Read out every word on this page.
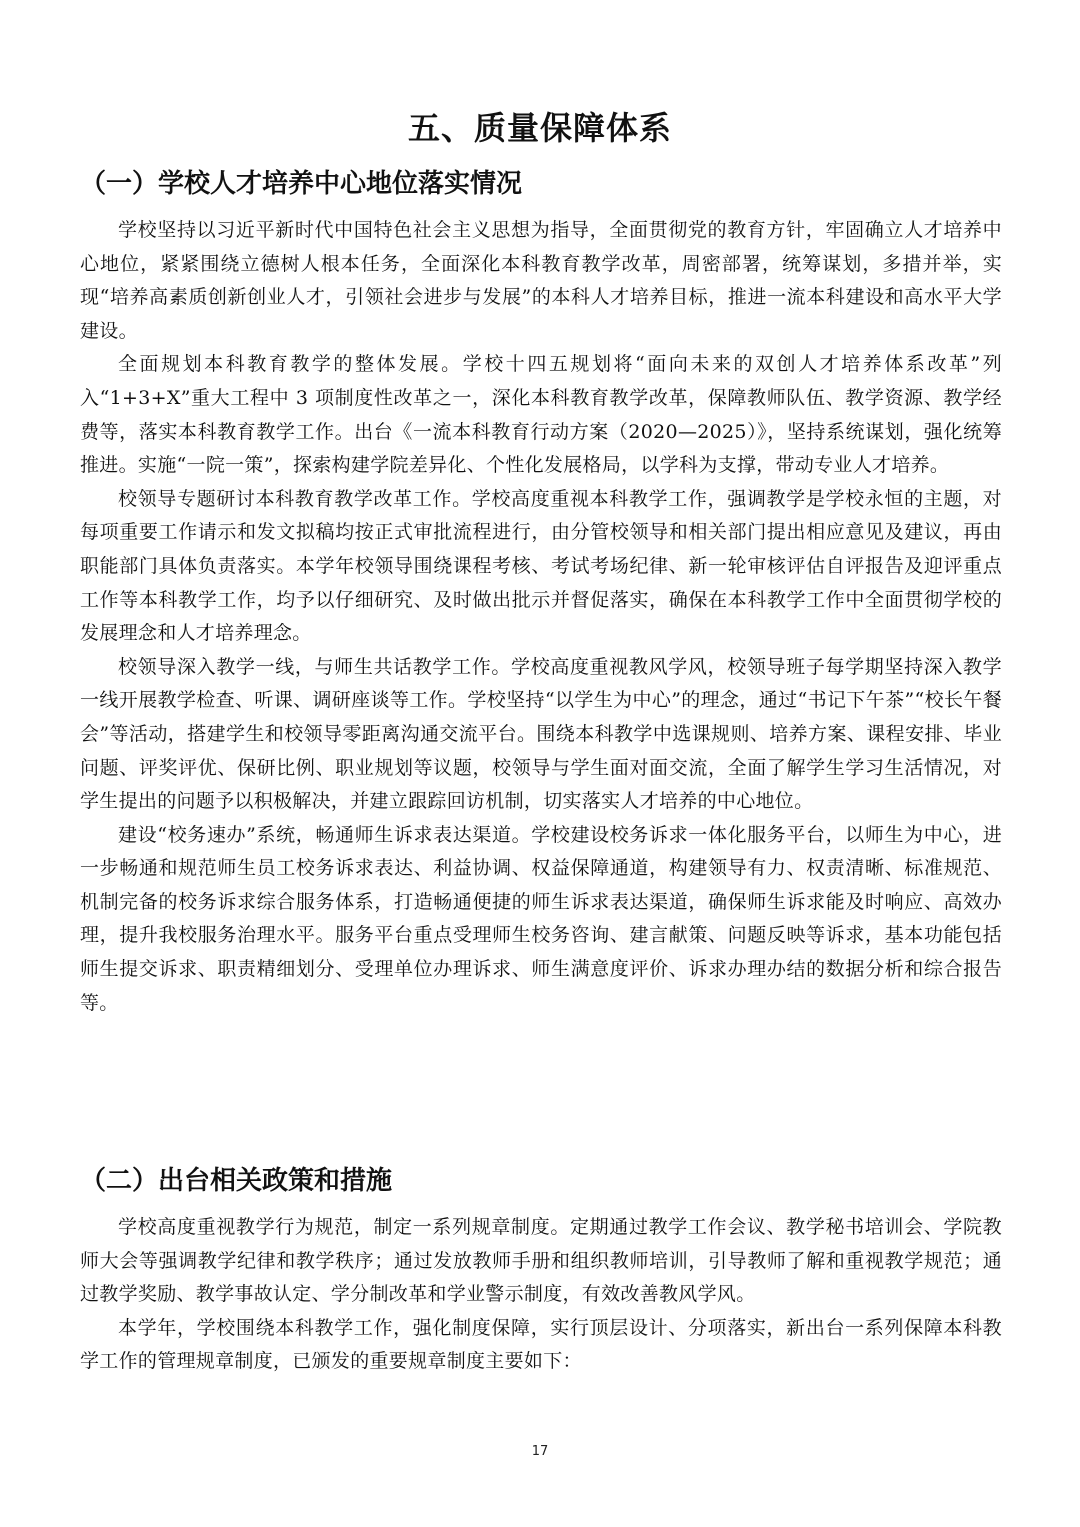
五、质量保障体系
（一）学校人才培养中心地位落实情况

学校坚持以习近平新时代中国特色社会主义思想为指导，全面贯彻党的教育方针，牢固确立人才培养中心地位，紧紧围绕立德树人根本任务，全面深化本科教育教学改革，周密部署，统筹谋划，多措并举，实现“培养高素质创新创业人才，引领社会进步与发展”的本科人才培养目标，推进一流本科建设和高水平大学建设。

全面规划本科教育教学的整体发展。学校十四五规划将“面向未来的双创人才培养体系改革”列入“1+3+X”重大工程中 3 项制度性改革之一，深化本科教育教学改革，保障教师队伍、教学资源、教学经费等，落实本科教育教学工作。出台《一流本科教育行动方案（2020—2025）》，坚持系统谋划，强化统筹推进。实施“一院一策”，探索构建学院差异化、个性化发展格局，以学科为支撑，带动专业人才培养。

校领导专题研讨本科教育教学改革工作。学校高度重视本科教学工作，强调教学是学校永恒的主题，对每项重要工作请示和发文拟稿均按正式审批流程进行，由分管校领导和相关部门提出相应意见及建议，再由职能部门具体负责落实。本学年校领导围绕课程考核、考试考场纪律、新一轮审核评估自评报告及迎评重点工作等本科教学工作，均予以仔细研究、及时做出批示并督促落实，确保在本科教学工作中全面贯彻学校的发展理念和人才培养理念。

校领导深入教学一线，与师生共话教学工作。学校高度重视教风学风，校领导班子每学期坚持深入教学一线开展教学检查、听课、调研座谈等工作。学校坚持“以学生为中心”的理念，通过“书记下午茶”“校长午餐会”等活动，搭建学生和校领导零距离沟通交流平台。围绕本科教学中选课规则、培养方案、课程安排、毕业问题、评奖评优、保研比例、职业规划等议题，校领导与学生面对面交流，全面了解学生学习生活情况，对学生提出的问题予以积极解决，并建立跟踪回访机制，切实落实人才培养的中心地位。

建设“校务速办”系统，畅通师生诉求表达渠道。学校建设校务诉求一体化服务平台，以师生为中心，进一步畅通和规范师生员工校务诉求表达、利益协调、权益保障通道，构建领导有力、权责清晰、标准规范、机制完备的校务诉求综合服务体系，打造畅通便捷的师生诉求表达渠道，确保师生诉求能及时响应、高效办理，提升我校服务治理水平。服务平台重点受理师生校务咨询、建言献策、问题反映等诉求，基本功能包括师生提交诉求、职责精细划分、受理单位办理诉求、师生满意度评价、诉求办理办结的数据分析和综合报告等。

（二）出台相关政策和措施

学校高度重视教学行为规范，制定一系列规章制度。定期通过教学工作会议、教学秘书培训会、学院教师大会等强调教学纪律和教学秩序；通过发放教师手册和组织教师培训，引导教师了解和重视教学规范；通过教学奖励、教学事故认定、学分制改革和学业警示制度，有效改善教风学风。

本学年，学校围绕本科教学工作，强化制度保障，实行顶层设计、分项落实，新出台一系列保障本科教学工作的管理规章制度，已颁发的重要规章制度主要如下：

17
